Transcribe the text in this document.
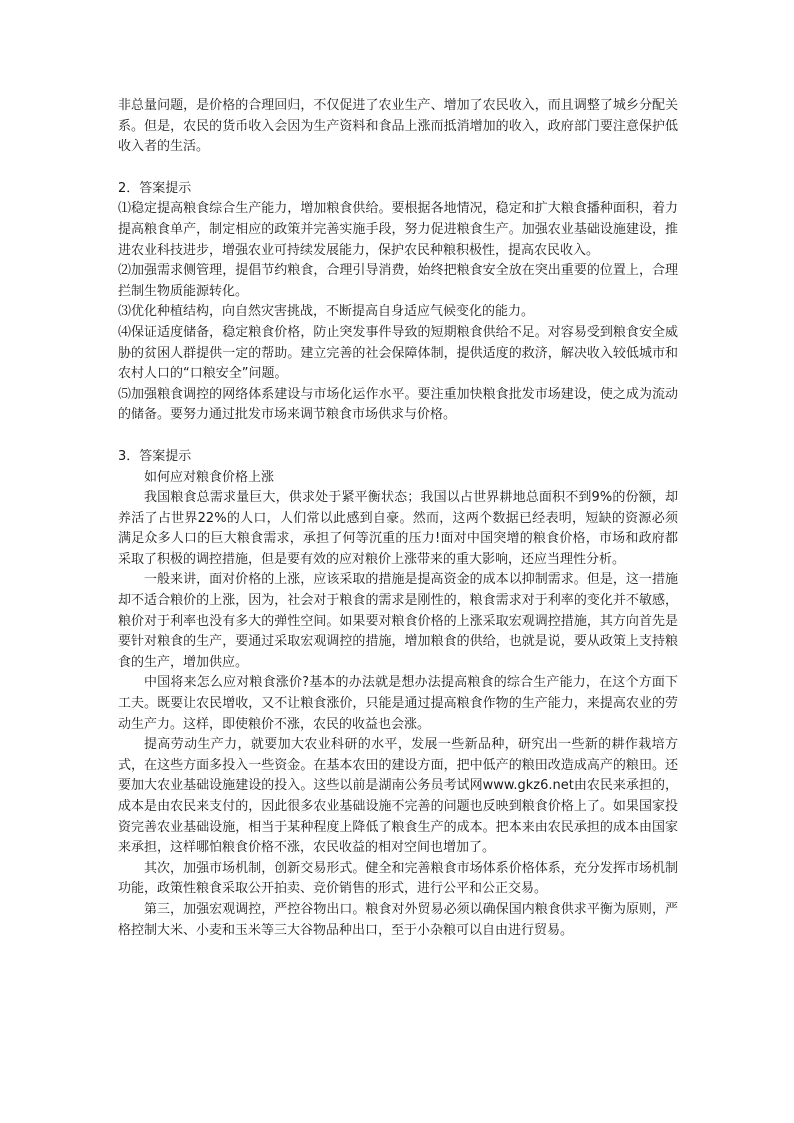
非总量问题，是价格的合理回归，不仅促进了农业生产、增加了农民收入，而且调整了城乡分配关系。但是，农民的货币收入会因为生产资料和食品上涨而抵消增加的收入，政府部门要注意保护低收入者的生活。

2．答案提示

⑴稳定提高粮食综合生产能力，增加粮食供给。要根据各地情况，稳定和扩大粮食播种面积，着力提高粮食单产，制定相应的政策并完善实施手段，努力促进粮食生产。加强农业基础设施建设，推进农业科技进步，增强农业可持续发展能力，保护农民种粮积极性，提高农民收入。

⑵加强需求侧管理，提倡节约粮食，合理引导消费，始终把粮食安全放在突出重要的位置上，合理拦制生物质能源转化。

⑶优化种植结构，向自然灾害挑战，不断提高自身适应气候变化的能力。

⑷保证适度储备，稳定粮食价格，防止突发事件导致的短期粮食供给不足。对容易受到粮食安全威胁的贫困人群提供一定的帮助。建立完善的社会保障体制，提供适度的救济，解决收入较低城市和农村人口的“口粮安全”问题。

⑸加强粮食调控的网络体系建设与市场化运作水平。要注重加快粮食批发市场建设，使之成为流动的储备。要努力通过批发市场来调节粮食市场供求与价格。

3．答案提示

如何应对粮食价格上涨

我国粮食总需求量巨大，供求处于紧平衡状态；我国以占世界耕地总面积不到9%的份额，却养活了占世界22%的人口，人们常以此感到自豪。然而，这两个数据已经表明，短缺的资源必须满足众多人口的巨大粮食需求，承担了何等沉重的压力!面对中国突增的粮食价格，市场和政府都采取了积极的调控措施，但是要有效的应对粮价上涨带来的重大影响，还应当理性分析。

一般来讲，面对价格的上涨，应该采取的措施是提高资金的成本以抑制需求。但是，这一措施却不适合粮价的上涨，因为，社会对于粮食的需求是刚性的，粮食需求对于利率的变化并不敏感，粮价对于利率也没有多大的弹性空间。如果要对粮食价格的上涨采取宏观调控措施，其方向首先是要针对粮食的生产，要通过采取宏观调控的措施，增加粮食的供给，也就是说，要从政策上支持粮食的生产，增加供应。

中国将来怎么应对粮食涨价?基本的办法就是想办法提高粮食的综合生产能力，在这个方面下工夫。既要让农民增收，又不让粮食涨价，只能是通过提高粮食作物的生产能力，来提高农业的劳动生产力。这样，即使粮价不涨，农民的收益也会涨。

提高劳动生产力，就要加大农业科研的水平，发展一些新品种，研究出一些新的耕作栽培方式，在这些方面多投入一些资金。在基本农田的建设方面，把中低产的粮田改造成高产的粮田。还要加大农业基础设施建设的投入。这些以前是湖南公务员考试网www.gkz6.net由农民来承担的，成本是由农民来支付的，因此很多农业基础设施不完善的问题也反映到粮食价格上了。如果国家投资完善农业基础设施，相当于某种程度上降低了粮食生产的成本。把本来由农民承担的成本由国家来承担，这样哪怕粮食价格不涨，农民收益的相对空间也增加了。

其次，加强市场机制，创新交易形式。健全和完善粮食市场体系价格体系，充分发挥市场机制功能，政策性粮食采取公开拍卖、竞价销售的形式，进行公平和公正交易。

第三，加强宏观调控，严控谷物出口。粮食对外贸易必须以确保国内粮食供求平衡为原则，严格控制大米、小麦和玉米等三大谷物品种出口，至于小杂粮可以自由进行贸易。
